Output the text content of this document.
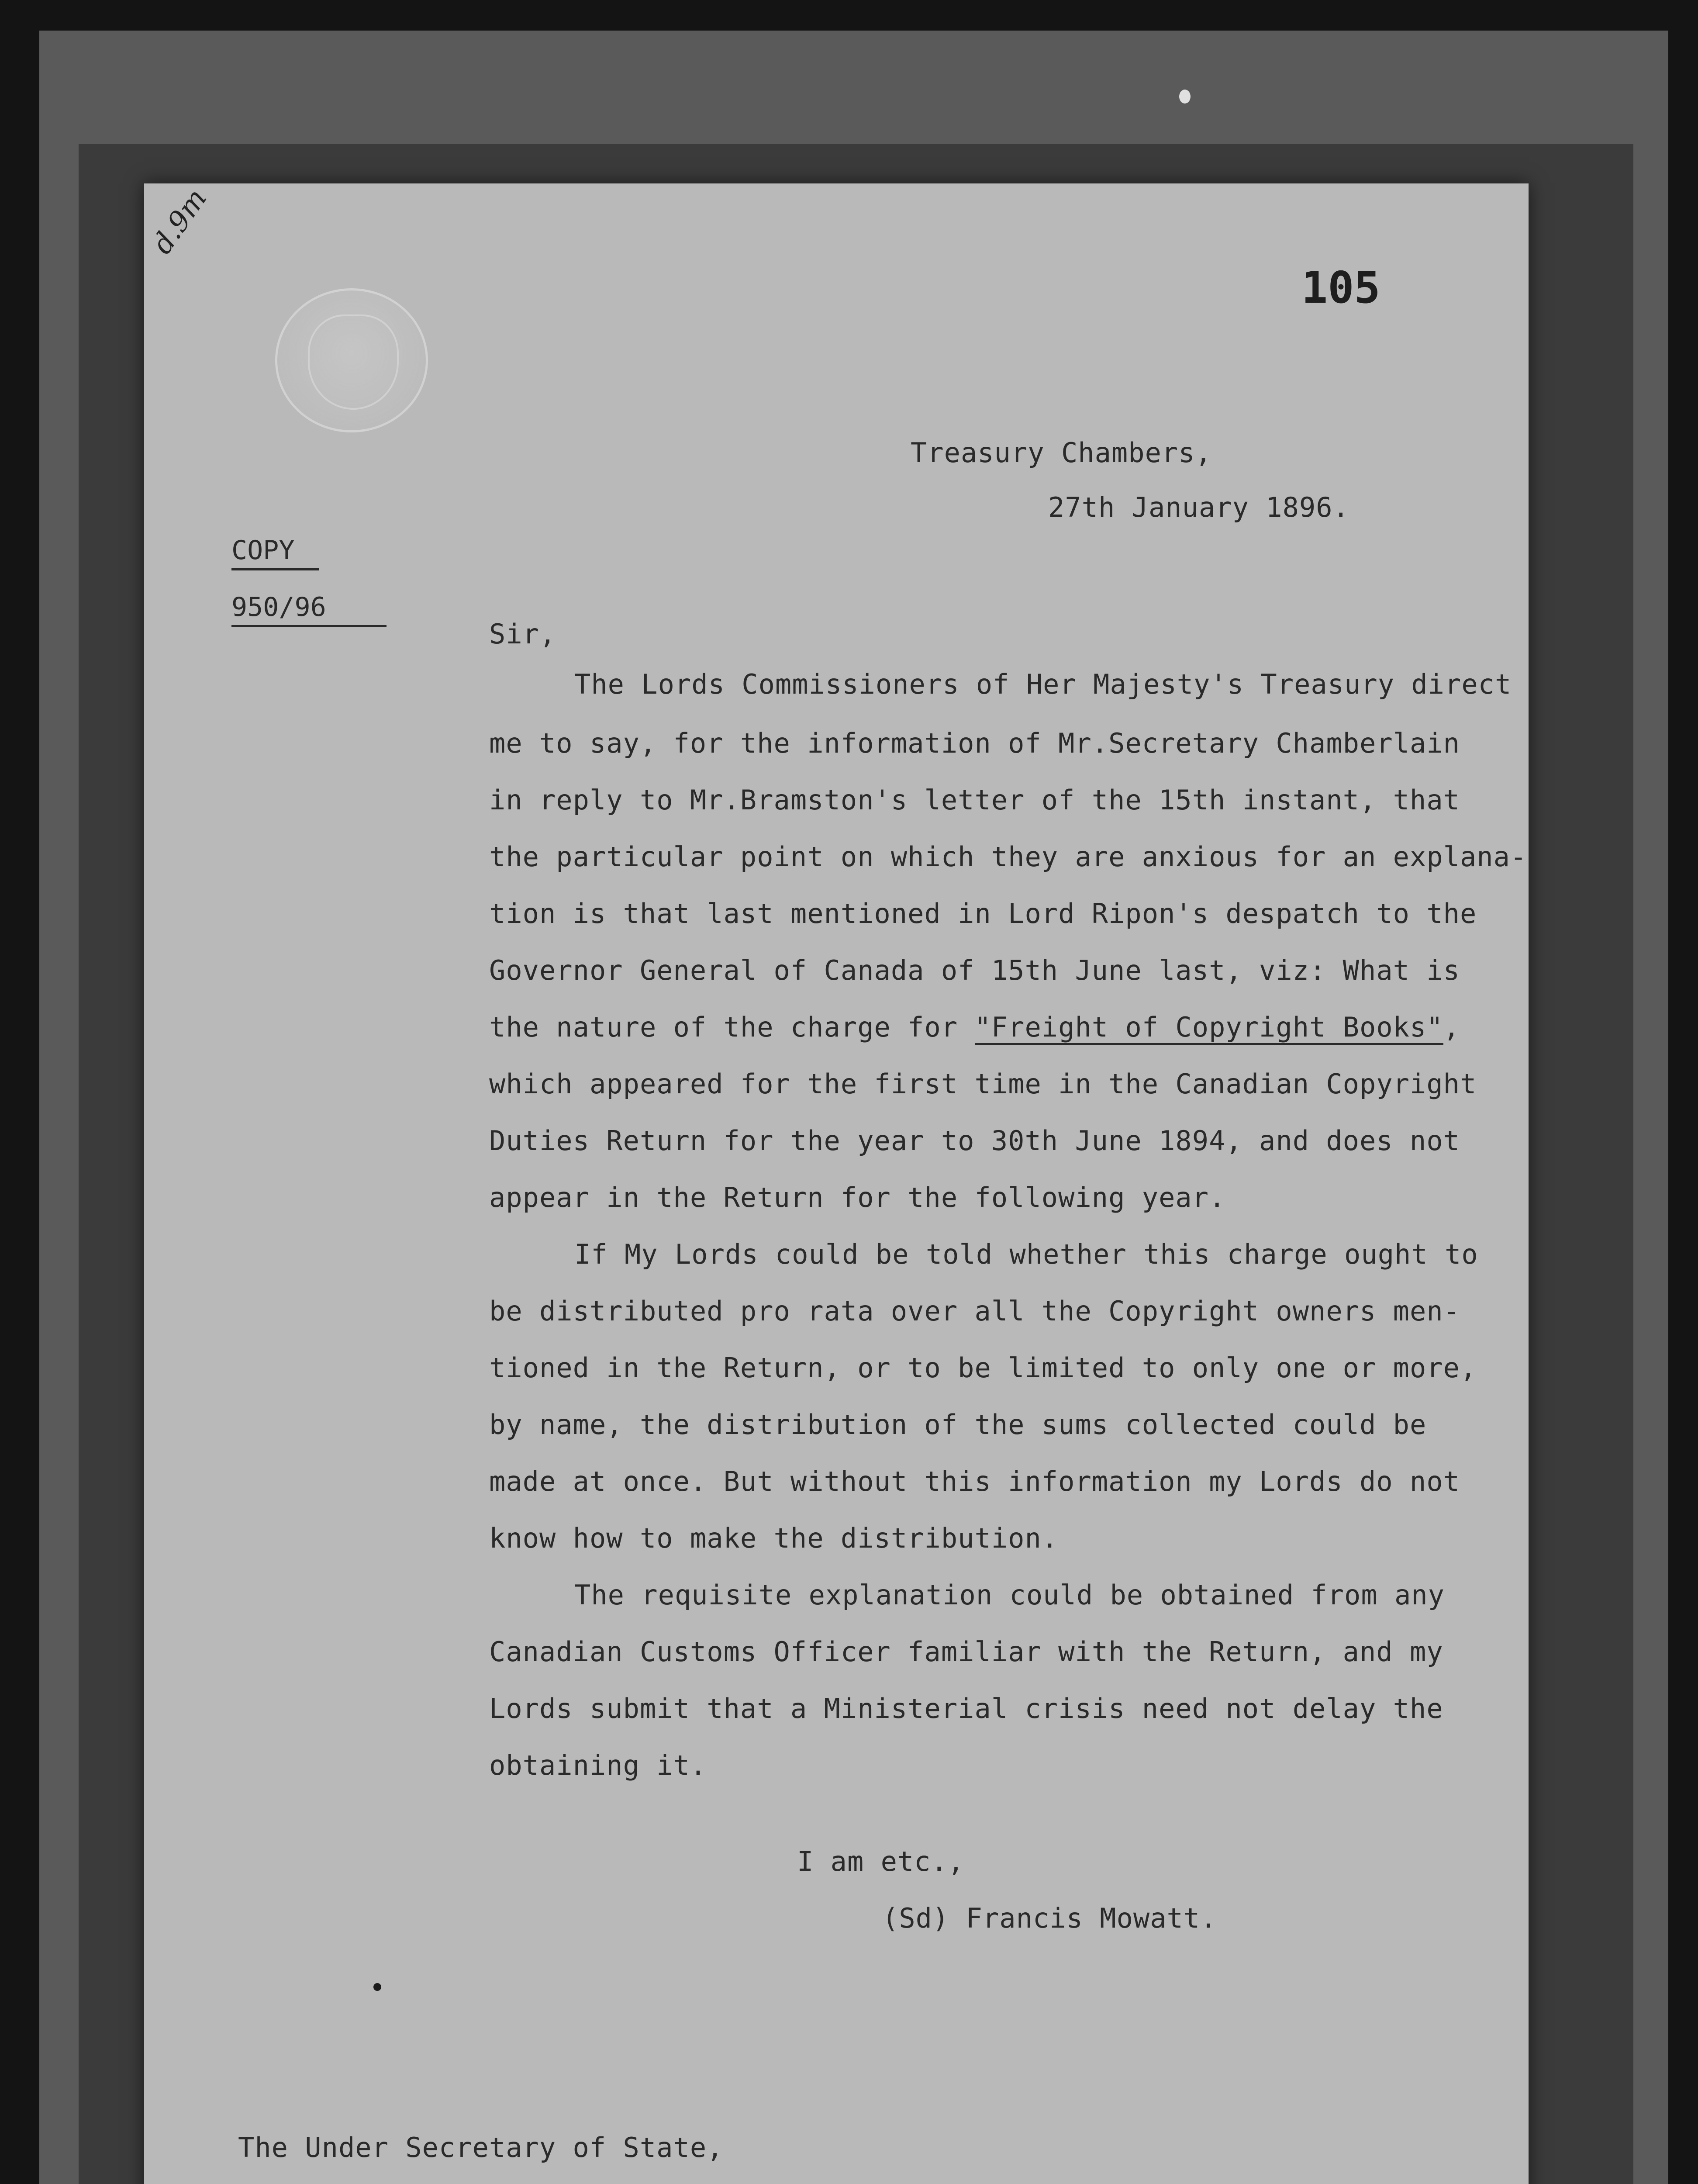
d.9m
105
Treasury Chambers,
27th January 1896.
COPY
950/96
Sir,
The Lords Commissioners of Her Majesty's Treasury direct
me to say, for the information of Mr.Secretary Chamberlain
in reply to Mr.Bramston's letter of the 15th instant, that
the particular point on which they are anxious for an explana-
tion is that last mentioned in Lord Ripon's despatch to the
Governor General of Canada of 15th June last, viz: What is
the nature of the charge for "Freight of Copyright Books",
which appeared for the first time in the Canadian Copyright
Duties Return for the year to 30th June 1894, and does not
appear in the Return for the following year.
If My Lords could be told whether this charge ought to
be distributed pro rata over all the Copyright owners men-
tioned in the Return, or to be limited to only one or more,
by name, the distribution of the sums collected could be
made at once. But without this information my Lords do not
know how to make the distribution.
The requisite explanation could be obtained from any
Canadian Customs Officer familiar with the Return, and my
Lords submit that a Ministerial crisis need not delay the
obtaining it.
I am etc.,
(Sd) Francis Mowatt.
The Under Secretary of State,
